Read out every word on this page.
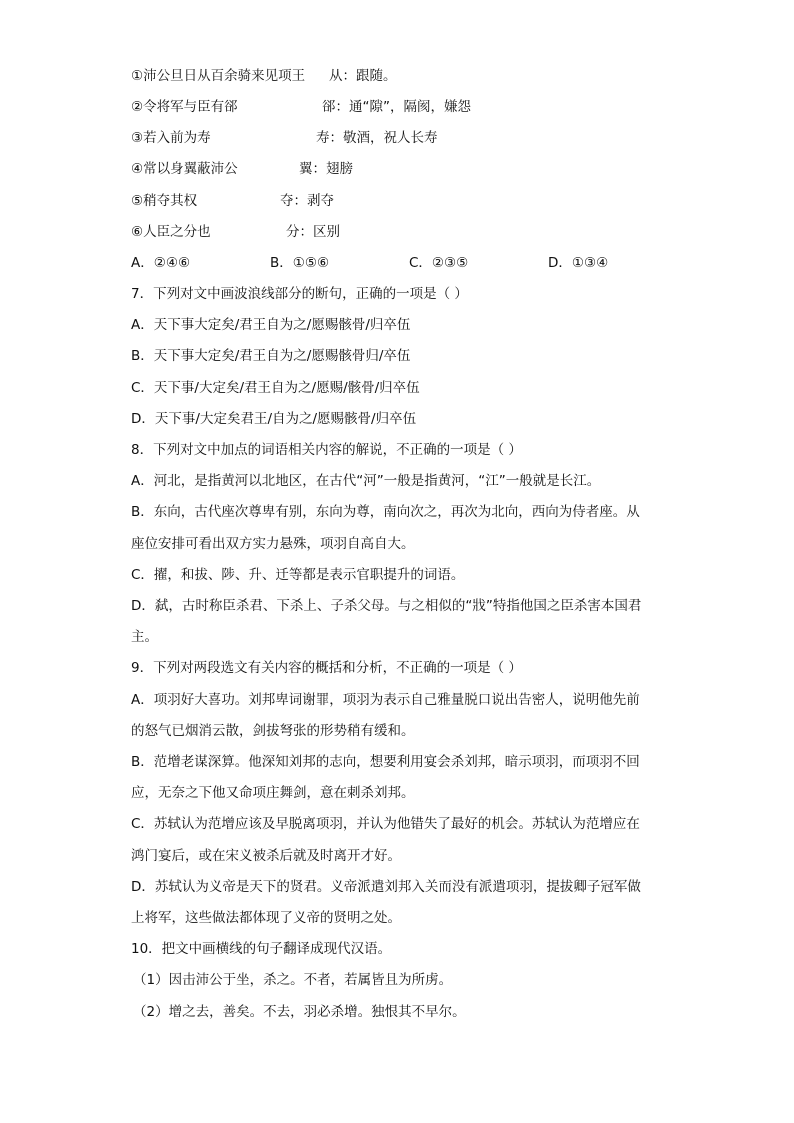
①沛公旦日从百余骑来见项王 从：跟随。
②令将军与臣有郤	郤：通“隙”，隔阂，嫌怨
③若入前为寿	寿：敬酒，祝人长寿
④常以身翼蔽沛公	翼：翅膀
⑤稍夺其权	夺：剥夺
⑥人臣之分也	分：区别
A．②④⑥	B．①⑤⑥	C．②③⑤	D．①③④
7．下列对文中画波浪线部分的断句，正确的一项是（ ）
A．天下事大定矣/君王自为之/愿赐骸骨/归卒伍
B．天下事大定矣/君王自为之/愿赐骸骨归/卒伍
C．天下事/大定矣/君王自为之/愿赐/骸骨/归卒伍
D．天下事/大定矣君王/自为之/愿赐骸骨/归卒伍
8．下列对文中加点的词语相关内容的解说，不正确的一项是（ ）
A．河北，是指黄河以北地区，在古代“河”一般是指黄河，“江”一般就是长江。
B．东向，古代座次尊卑有别，东向为尊，南向次之，再次为北向，西向为侍者座。从
座位安排可看出双方实力悬殊，项羽自高自大。
C．擢，和拔、陟、升、迁等都是表示官职提升的词语。
D．弑，古时称臣杀君、下杀上、子杀父母。与之相似的“戕”特指他国之臣杀害本国君
主。
9．下列对两段选文有关内容的概括和分析，不正确的一项是（ ）
A．项羽好大喜功。刘邦卑词谢罪，项羽为表示自己雅量脱口说出告密人，说明他先前
的怒气已烟消云散，剑拔弩张的形势稍有缓和。
B．范增老谋深算。他深知刘邦的志向，想要利用宴会杀刘邦，暗示项羽，而项羽不回
应，无奈之下他又命项庄舞剑，意在刺杀刘邦。
C．苏轼认为范增应该及早脱离项羽，并认为他错失了最好的机会。苏轼认为范增应在
鸿门宴后，或在宋义被杀后就及时离开才好。
D．苏轼认为义帝是天下的贤君。义帝派遣刘邦入关而没有派遣项羽，提拔卿子冠军做
上将军，这些做法都体现了义帝的贤明之处。
10．把文中画横线的句子翻译成现代汉语。
（1）因击沛公于坐，杀之。不者，若属皆且为所虏。
（2）增之去，善矣。不去，羽必杀增。独恨其不早尔。
